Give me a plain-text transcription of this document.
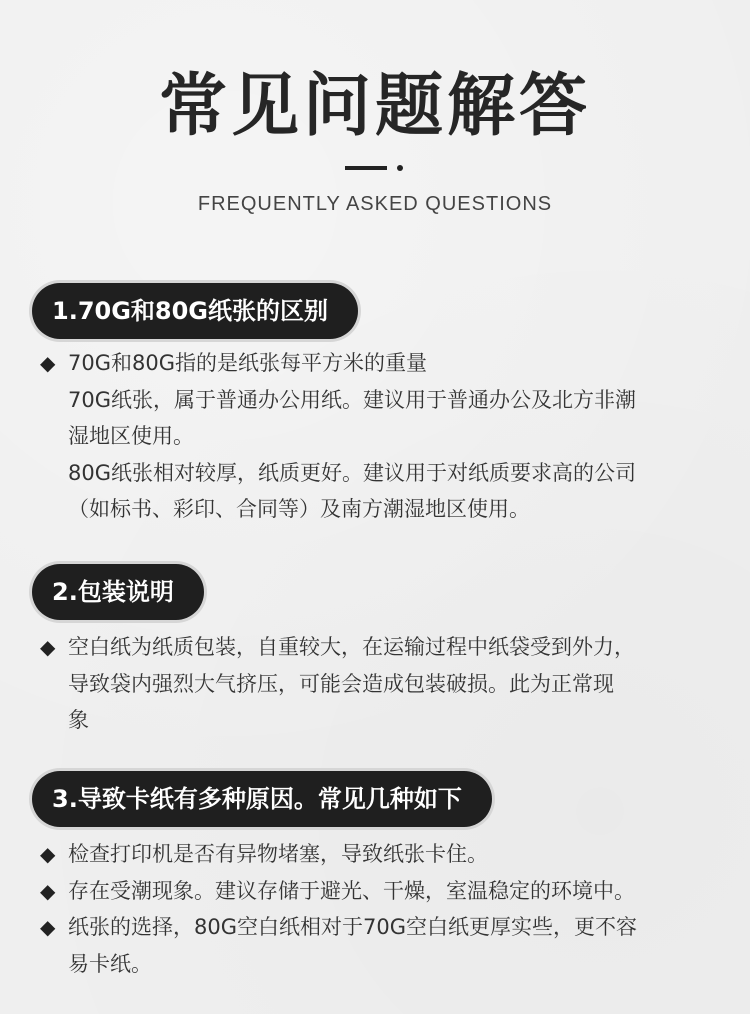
常见问题解答
FREQUENTLY ASKED QUESTIONS
1.70G和80G纸张的区别
◆ 70G和80G指的是纸张每平方米的重量
70G纸张，属于普通办公用纸。建议用于普通办公及北方非潮
湿地区使用。
80G纸张相对较厚，纸质更好。建议用于对纸质要求高的公司
（如标书、彩印、合同等）及南方潮湿地区使用。
2.包装说明
◆ 空白纸为纸质包装，自重较大，在运输过程中纸袋受到外力，
导致袋内强烈大气挤压，可能会造成包装破损。此为正常现
象
3.导致卡纸有多种原因。常见几种如下
◆ 检查打印机是否有异物堵塞，导致纸张卡住。
◆ 存在受潮现象。建议存储于避光、干燥，室温稳定的环境中。
◆ 纸张的选择，80G空白纸相对于70G空白纸更厚实些，更不容
易卡纸。
